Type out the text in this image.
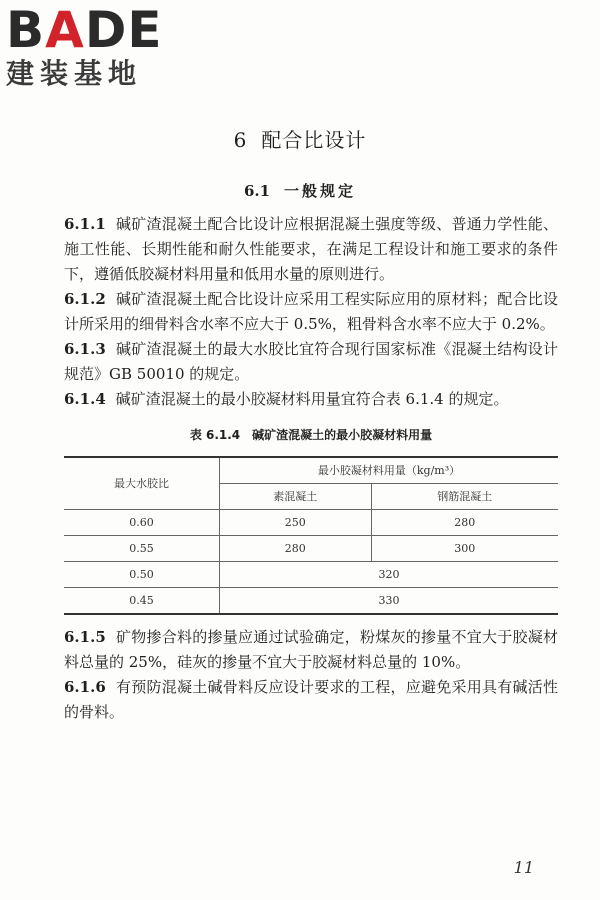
BADE
建装基地
6 配合比设计
6.1 一般规定

6.1.1 碱矿渣混凝土配合比设计应根据混凝土强度等级、普通力学性能、施工性能、长期性能和耐久性能要求，在满足工程设计和施工要求的条件下，遵循低胶凝材料用量和低用水量的原则进行。

6.1.2 碱矿渣混凝土配合比设计应采用工程实际应用的原材料；配合比设计所采用的细骨料含水率不应大于 0.5%，粗骨料含水率不应大于 0.2%。

6.1.3 碱矿渣混凝土的最大水胶比宜符合现行国家标准《混凝土结构设计规范》GB 50010 的规定。

6.1.4 碱矿渣混凝土的最小胶凝材料用量宜符合表 6.1.4 的规定。

表 6.1.4 碱矿渣混凝土的最小胶凝材料用量
最大水胶比	最小胶凝材料用量（kg/m³）	
	素混凝土	钢筋混凝土
0.60	250	280
0.55	280	300
0.50	320	
0.45	330	

6.1.5 矿物掺合料的掺量应通过试验确定，粉煤灰的掺量不宜大于胶凝材料总量的 25%，硅灰的掺量不宜大于胶凝材料总量的 10%。

6.1.6 有预防混凝土碱骨料反应设计要求的工程，应避免采用具有碱活性的骨料。

11
